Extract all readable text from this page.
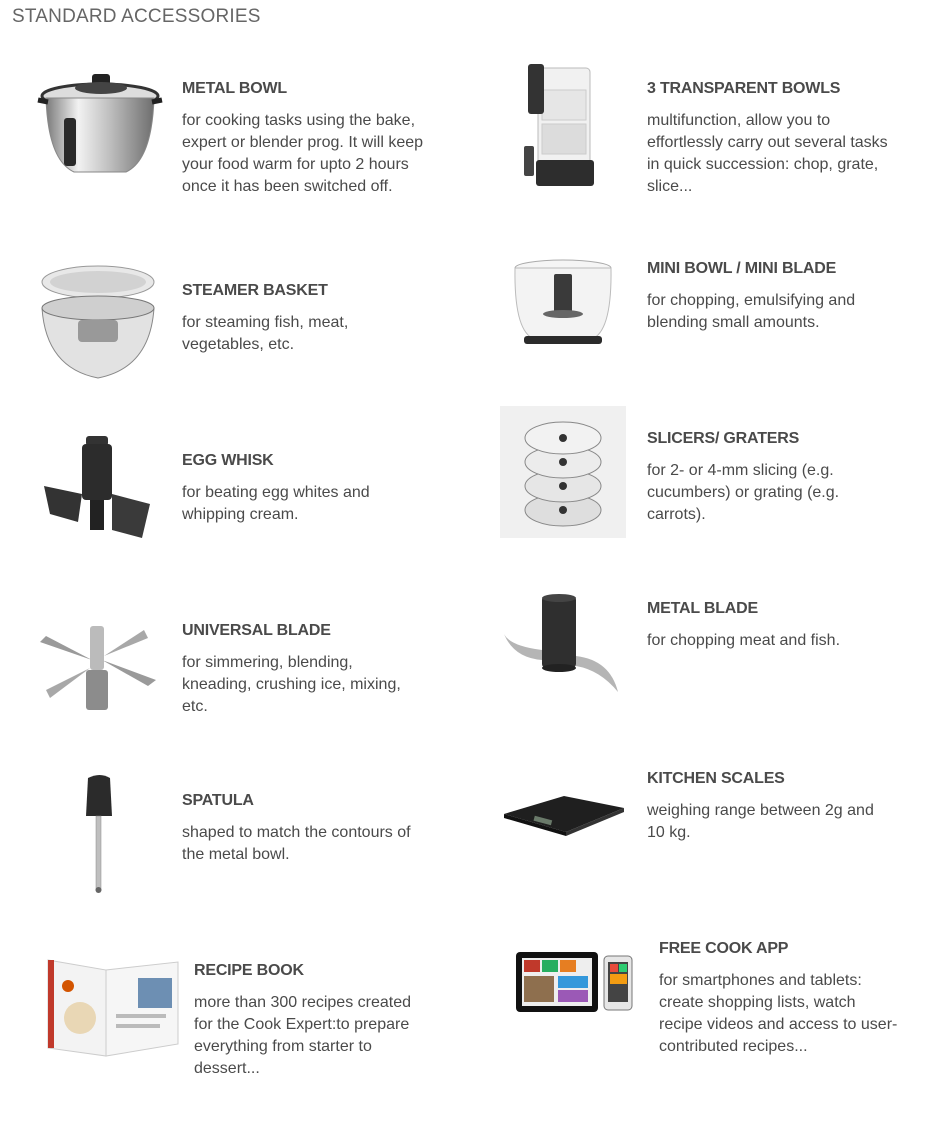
STANDARD ACCESSORIES
METAL BOWL

for cooking tasks using the bake, expert or blender prog. It will keep your food warm for upto 2 hours once it has been switched off.

STEAMER BASKET

for steaming fish, meat, vegetables, etc.

EGG WHISK

for beating egg whites and whipping cream.

UNIVERSAL BLADE

for simmering, blending, kneading, crushing ice, mixing, etc.

SPATULA

shaped to match the contours of the metal bowl.

RECIPE BOOK

more than 300 recipes created for the Cook Expert:to prepare everything from starter to dessert...

3 TRANSPARENT BOWLS

multifunction, allow you to effortlessly carry out several tasks in quick succession: chop, grate, slice...

MINI BOWL / MINI BLADE

for chopping, emulsifying and blending small amounts.

SLICERS/ GRATERS

for 2- or 4-mm slicing (e.g. cucumbers) or grating (e.g. carrots).

METAL BLADE

for chopping meat and fish.

KITCHEN SCALES

weighing range between 2g and 10 kg.

FREE COOK APP

for smartphones and tablets: create shopping lists, watch recipe videos and access to user-contributed recipes...
